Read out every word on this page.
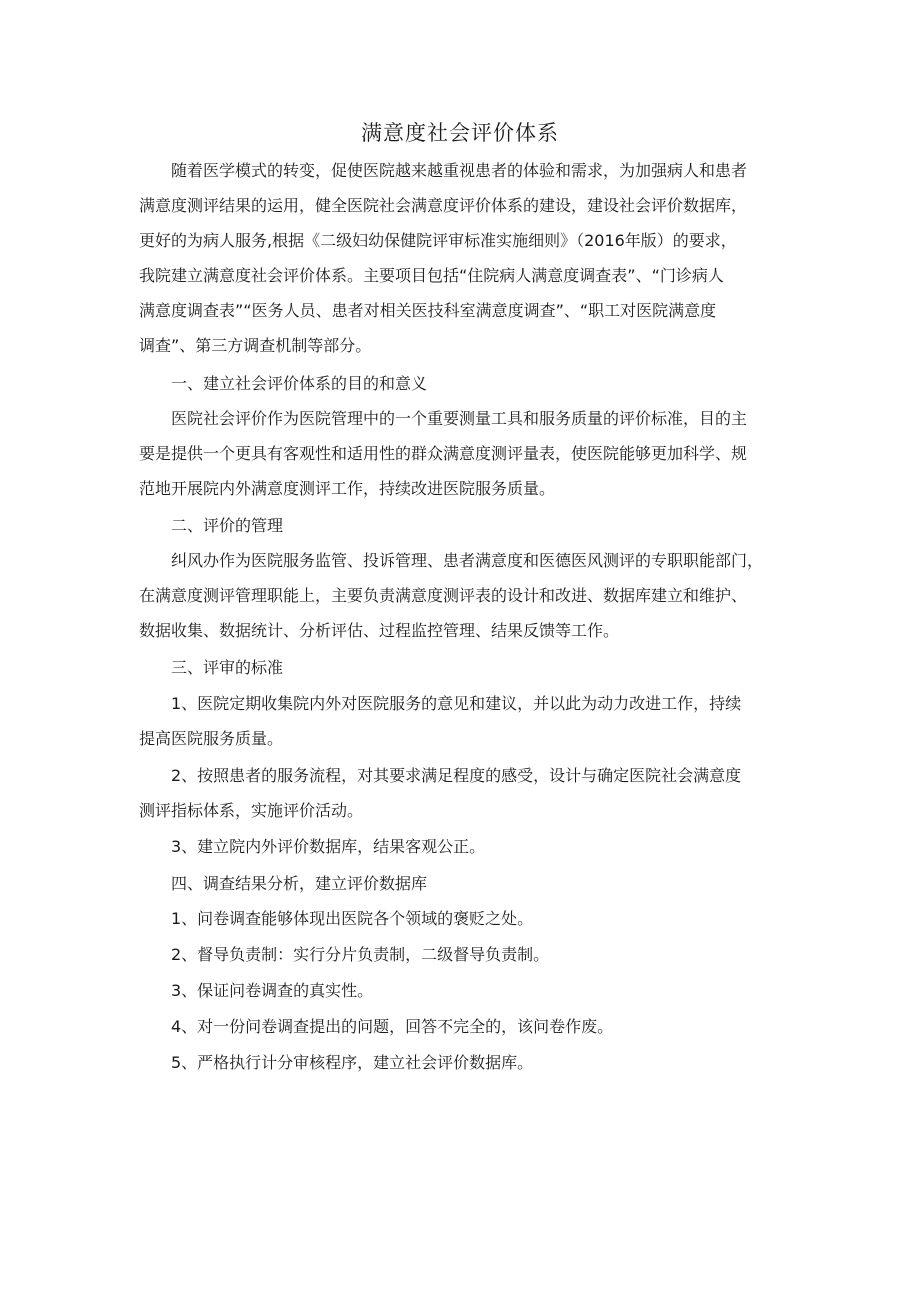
满意度社会评价体系
随着医学模式的转变，促使医院越来越重视患者的体验和需求，为加强病人和患者
满意度测评结果的运用，健全医院社会满意度评价体系的建设，建设社会评价数据库，
更好的为病人服务,根据《二级妇幼保健院评审标准实施细则》（2016年版）的要求，
我院建立满意度社会评价体系。主要项目包括“住院病人满意度调查表”、“门诊病人
满意度调查表”“医务人员、患者对相关医技科室满意度调查”、“职工对医院满意度
调查”、第三方调查机制等部分。
一、建立社会评价体系的目的和意义
医院社会评价作为医院管理中的一个重要测量工具和服务质量的评价标准，目的主
要是提供一个更具有客观性和适用性的群众满意度测评量表，使医院能够更加科学、规
范地开展院内外满意度测评工作，持续改进医院服务质量。
二、评价的管理
纠风办作为医院服务监管、投诉管理、患者满意度和医德医风测评的专职职能部门，
在满意度测评管理职能上，主要负责满意度测评表的设计和改进、数据库建立和维护、
数据收集、数据统计、分析评估、过程监控管理、结果反馈等工作。
三、评审的标准
1、医院定期收集院内外对医院服务的意见和建议，并以此为动力改进工作，持续
提高医院服务质量。
2、按照患者的服务流程，对其要求满足程度的感受，设计与确定医院社会满意度
测评指标体系，实施评价活动。
3、建立院内外评价数据库，结果客观公正。
四、调查结果分析，建立评价数据库
1、问卷调查能够体现出医院各个领域的褒贬之处。
2、督导负责制：实行分片负责制，二级督导负责制。
3、保证问卷调查的真实性。
4、对一份问卷调查提出的问题，回答不完全的，该问卷作废。
5、严格执行计分审核程序，建立社会评价数据库。
